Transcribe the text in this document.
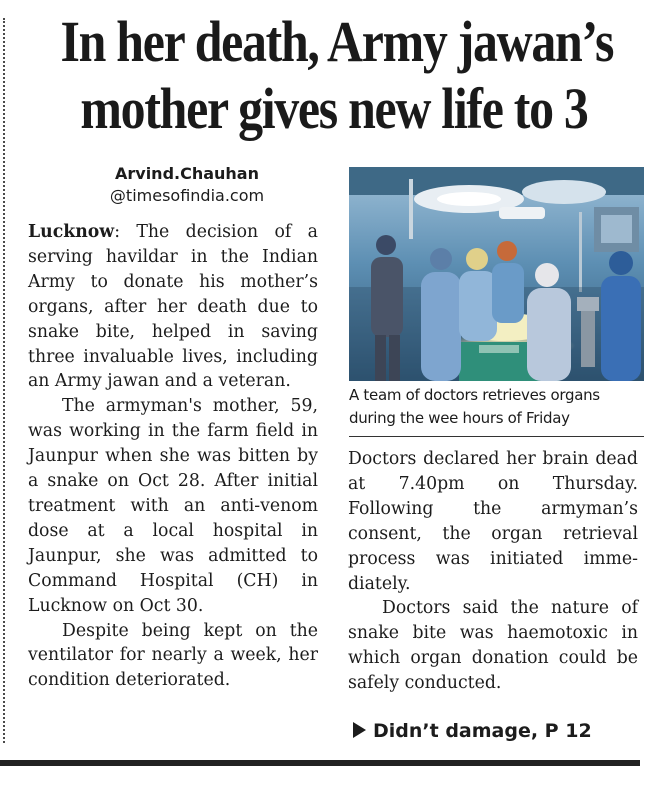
In her death, Army jawan’s
mother gives new life to 3
Arvind.Chauhan
@timesofindia.com

Lucknow: The decision of a serving havildar in the Indian Army to donate his mother’s organs, after her death due to snake bite, helped in saving three invaluable lives, including an Army jawan and a veteran.

The armyman's mother, 59, was working in the farm field in Jaunpur when she was bitten by a snake on Oct 28. After initial treatment with an anti-venom dose at a local hospital in Jaunpur, she was admitted to Command Hospital (CH) in Lucknow on Oct 30.

Despite being kept on the ventilator for nearly a week, her condition deteriorated.

A team of doctors retrieves organs
during the wee hours of Friday

Doctors declared her brain dead at 7.40pm on Thursday. Following the armyman’s consent, the organ retrieval process was initiated immediately.

Doctors said the nature of snake bite was haemotoxic in which organ donation could be safely conducted.

Didn’t damage, P 12
